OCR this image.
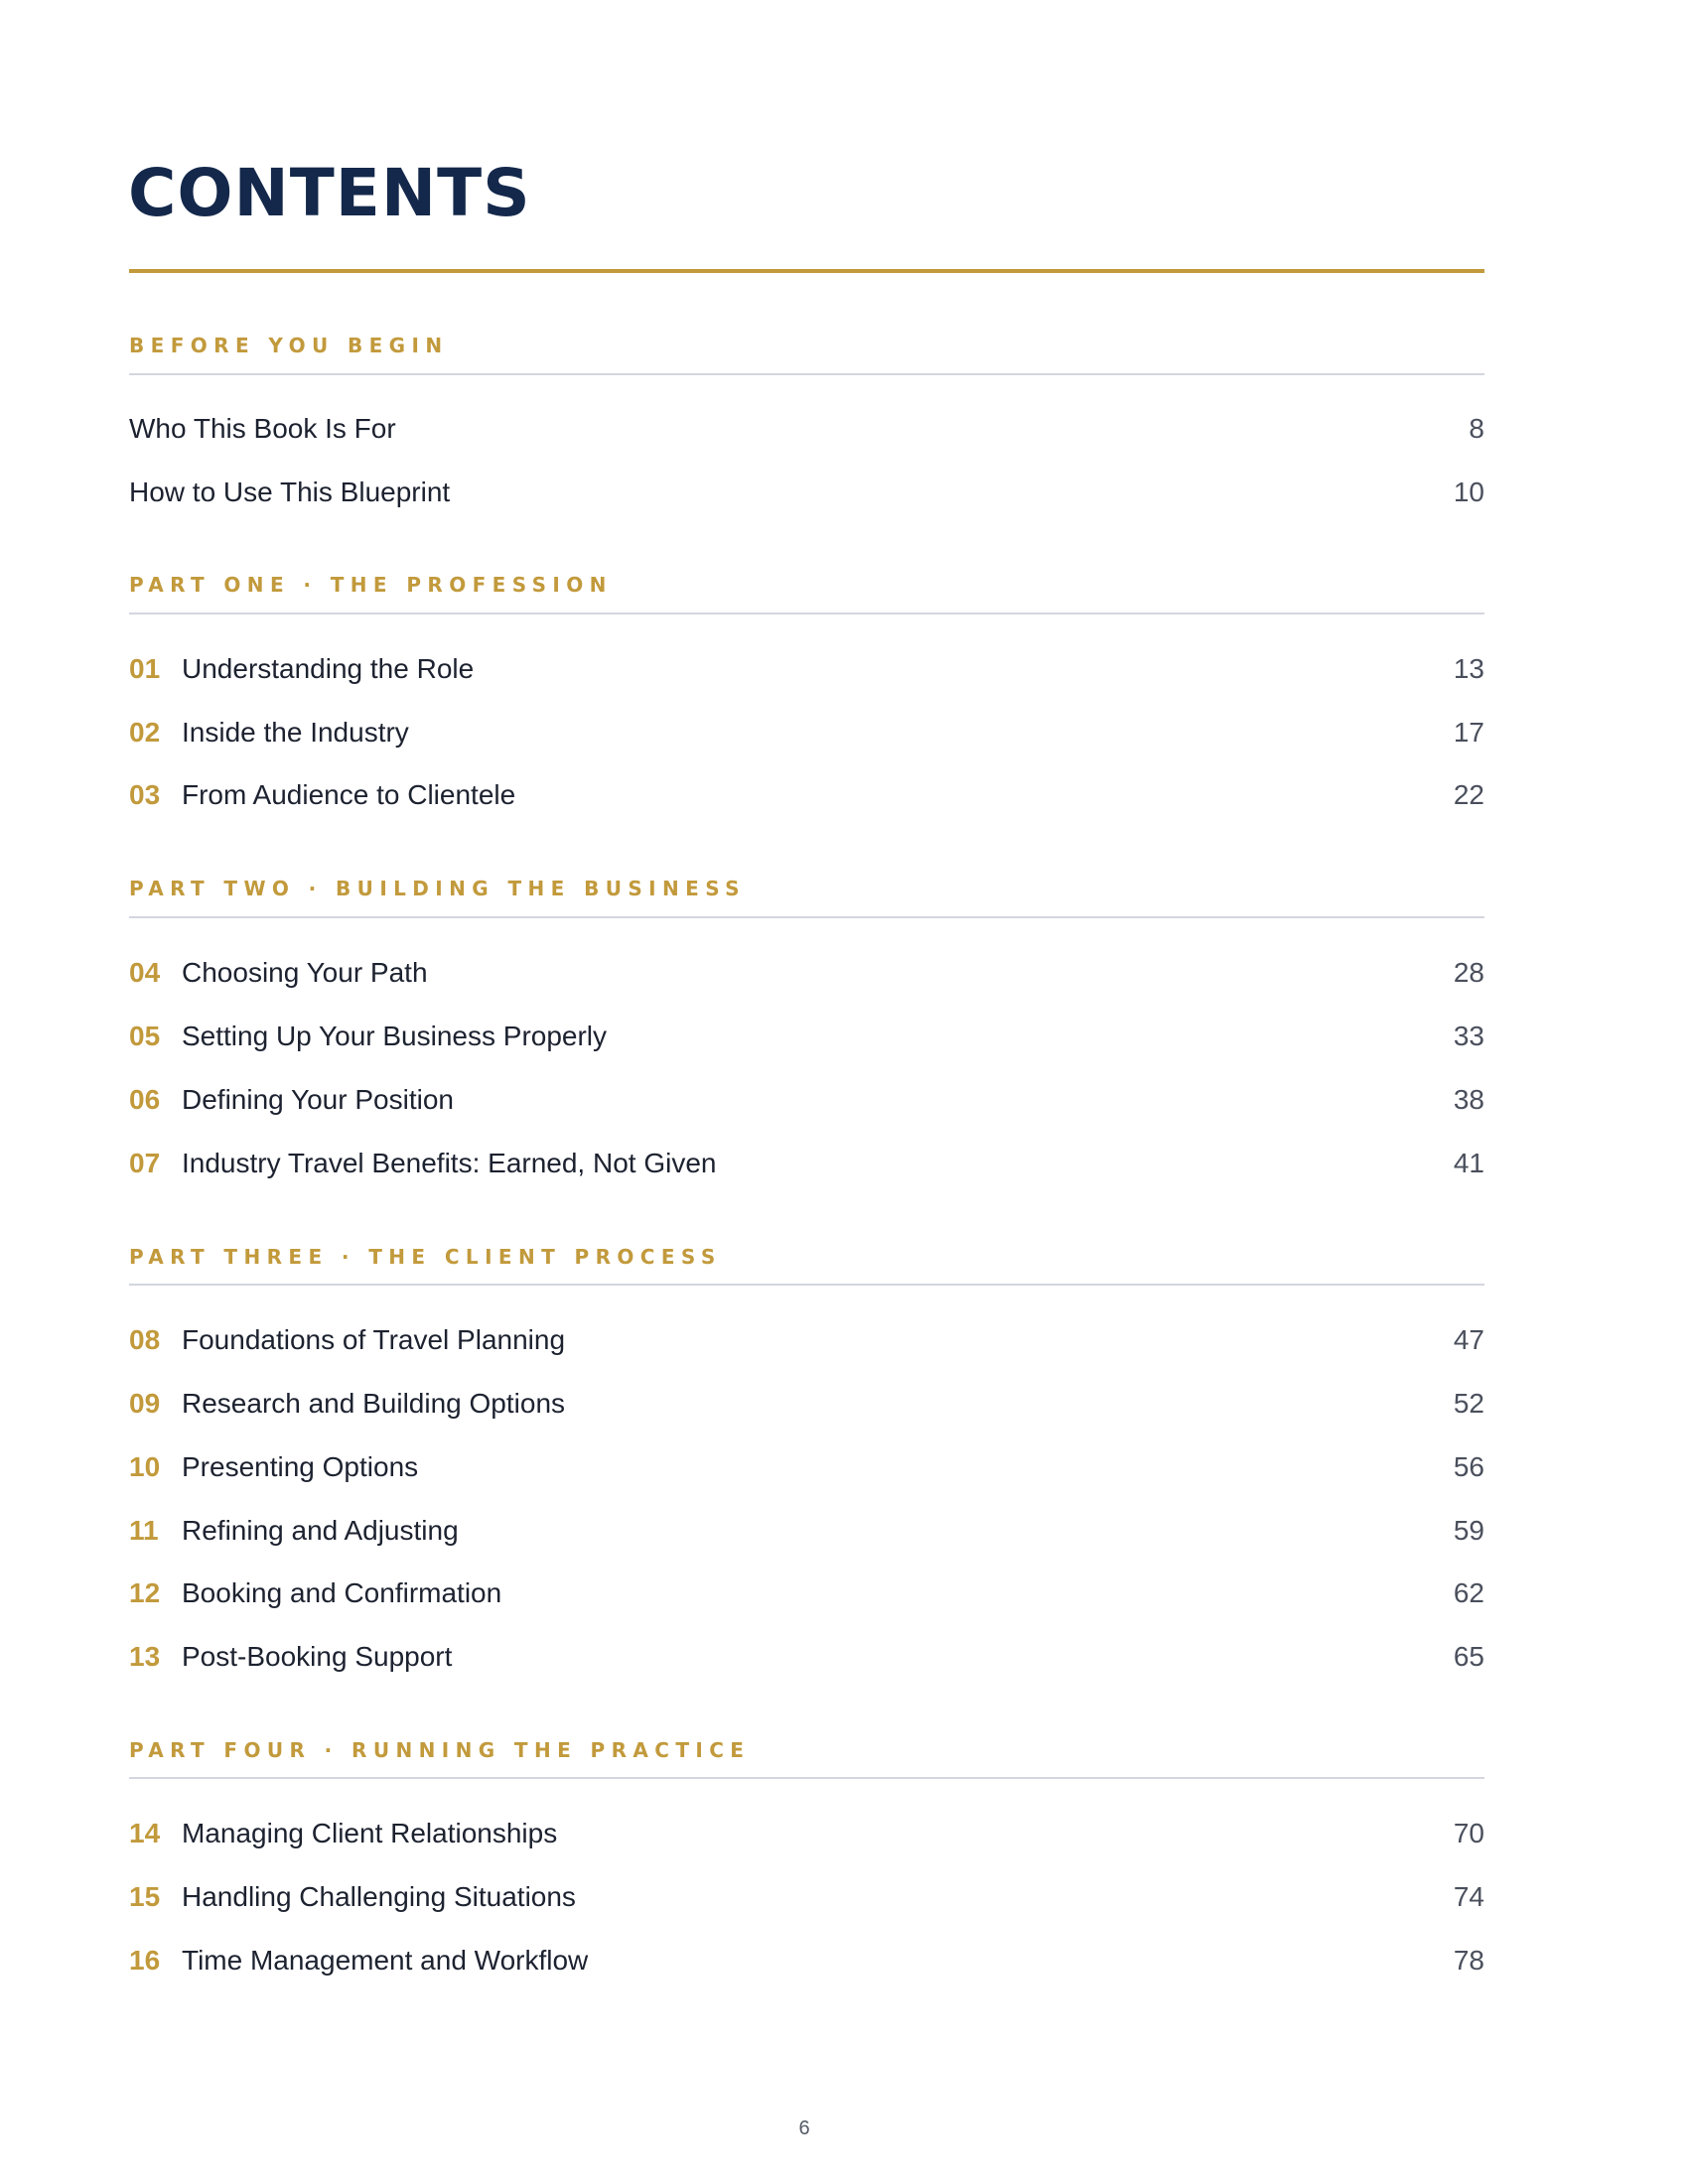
CONTENTS
BEFORE YOU BEGIN
Who This Book Is For	8
How to Use This Blueprint	10
PART ONE · THE PROFESSION
01 Understanding the Role	13
02 Inside the Industry	17
03 From Audience to Clientele	22
PART TWO · BUILDING THE BUSINESS
04 Choosing Your Path	28
05 Setting Up Your Business Properly	33
06 Defining Your Position	38
07 Industry Travel Benefits: Earned, Not Given	41
PART THREE · THE CLIENT PROCESS
08 Foundations of Travel Planning	47
09 Research and Building Options	52
10 Presenting Options	56
11 Refining and Adjusting	59
12 Booking and Confirmation	62
13 Post-Booking Support	65
PART FOUR · RUNNING THE PRACTICE
14 Managing Client Relationships	70
15 Handling Challenging Situations	74
16 Time Management and Workflow	78
6
